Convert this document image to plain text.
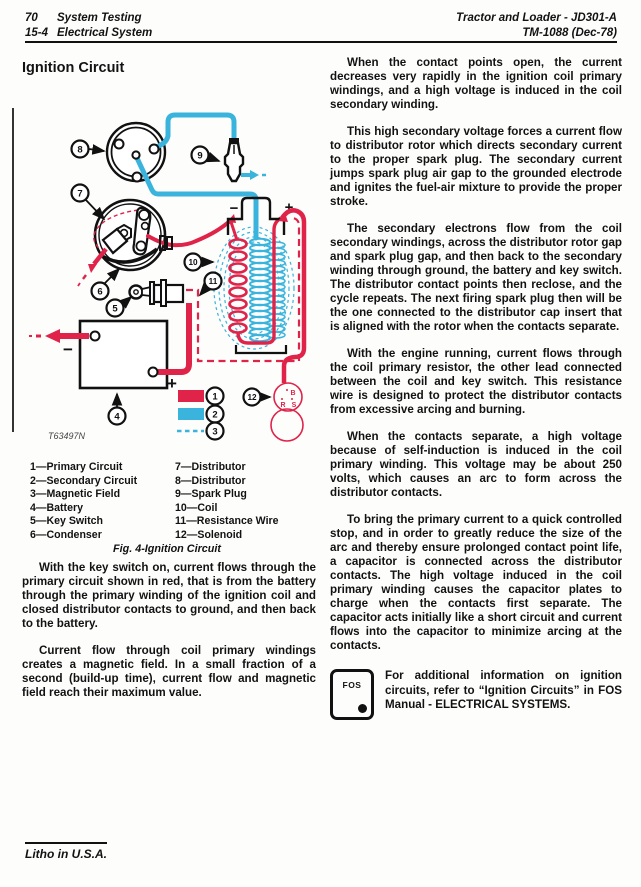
70 System Testing
15-4 Electrical System
Tractor and Loader - JD301-A
TM-1088 (Dec-78)
Ignition Circuit
−	+
−
+
B
R S
8
9
7
10
11
6
5
4
12
1
2
3
T63497N
1—Primary Circuit
2—Secondary Circuit
3—Magnetic Field
4—Battery
5—Key Switch
6—Condenser
7—Distributor
8—Distributor
9—Spark Plug
10—Coil
11—Resistance Wire
12—Solenoid
Fig. 4-Ignition Circuit

With the key switch on, current flows through the primary circuit shown in red, that is from the battery through the primary winding of the ignition coil and closed distributor contacts to ground, and then back to the battery.

Current flow through coil primary windings creates a magnetic field. In a small fraction of a second (build-up time), current flow and magnetic field reach their maximum value.

When the contact points open, the current decreases very rapidly in the ignition coil primary windings, and a high voltage is induced in the coil secondary winding.

This high secondary voltage forces a current flow to distributor rotor which directs secondary current to the proper spark plug. The secondary current jumps spark plug air gap to the grounded electrode and ignites the fuel-air mixture to provide the proper stroke.

The secondary electrons flow from the coil secondary windings, across the distributor rotor gap and spark plug gap, and then back to the secondary winding through ground, the battery and key switch. The distributor contact points then reclose, and the cycle repeats. The next firing spark plug then will be the one connected to the distributor cap insert that is aligned with the rotor when the contacts separate.

With the engine running, current flows through the coil primary resistor, the other lead connected between the coil and key switch. This resistance wire is designed to protect the distributor contacts from excessive arcing and burning.

When the contacts separate, a high voltage because of self-induction is induced in the coil primary winding. This voltage may be about 250 volts, which causes an arc to form across the distributor contacts.

To bring the primary current to a quick controlled stop, and in order to greatly reduce the size of the arc and thereby ensure prolonged contact point life, a capacitor is connected across the distributor contacts. The high voltage induced in the coil primary winding causes the capacitor plates to charge when the contacts first separate. The capacitor acts initially like a short circuit and current flows into the capacitor to minimize arcing at the contacts.

FOS
For additional information on ignition circuits, refer to “Ignition Circuits” in FOS Manual - ELECTRICAL SYSTEMS.
Litho in U.S.A.
